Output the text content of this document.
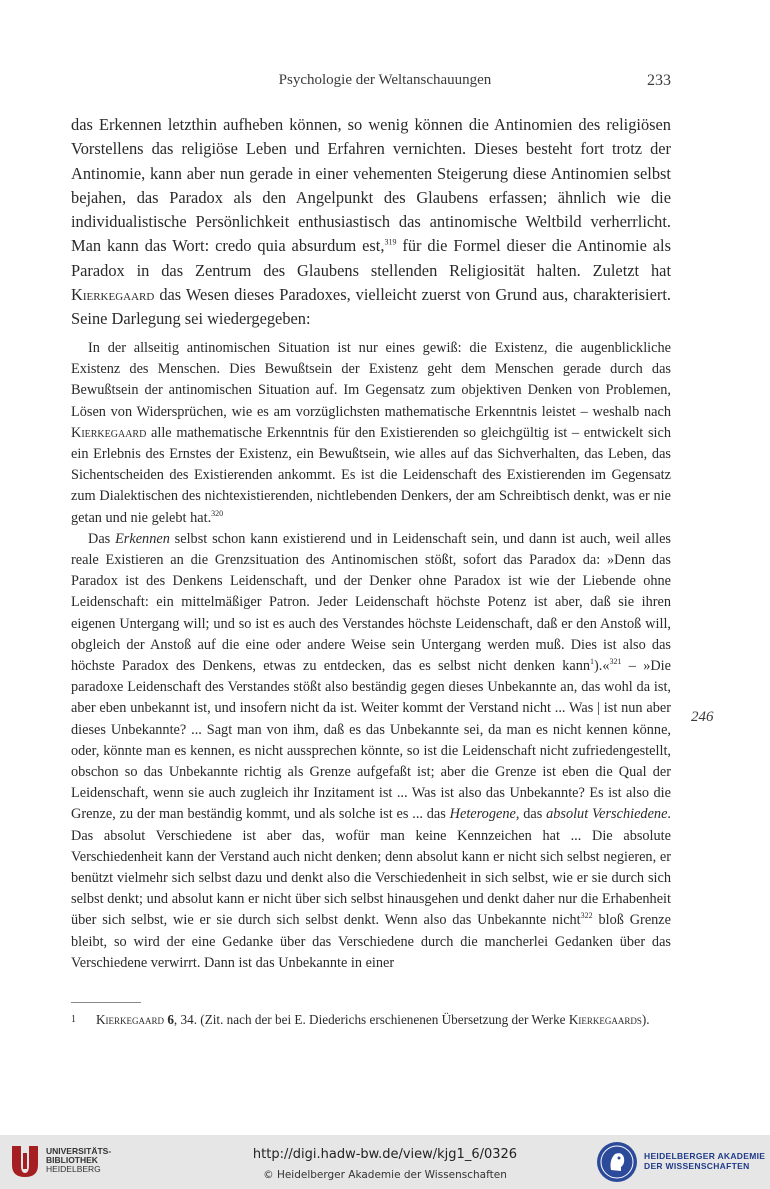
Psychologie der Weltanschauungen	233

das Erkennen letzthin aufheben können, so wenig können die Antinomien des religiösen Vorstellens das religiöse Leben und Erfahren vernichten. Dieses besteht fort trotz der Antinomie, kann aber nun gerade in einer vehementen Steigerung diese Antinomien selbst bejahen, das Paradox als den Angelpunkt des Glaubens erfassen; ähnlich wie die individualistische Persönlichkeit enthusiastisch das antinomische Weltbild verherrlicht. Man kann das Wort: credo quia absurdum est,$^{319}$ für die Formel dieser die Antinomie als Paradox in das Zentrum des Glaubens stellenden Religiosität halten. Zuletzt hat Kierkegaard das Wesen dieses Paradoxes, vielleicht zuerst von Grund aus, charakterisiert. Seine Darlegung sei wiedergegeben:

In der allseitig antinomischen Situation ist nur eines gewiß: die Existenz, die augenblickliche Existenz des Menschen. Dies Bewußtsein der Existenz geht dem Menschen gerade durch das Bewußtsein der antinomischen Situation auf. Im Gegensatz zum objektiven Denken von Problemen, Lösen von Widersprüchen, wie es am vorzüglichsten mathematische Erkenntnis leistet – weshalb nach Kierkegaard alle mathematische Erkenntnis für den Existierenden so gleichgültig ist – entwickelt sich ein Erlebnis des Ernstes der Existenz, ein Bewußtsein, wie alles auf das Sichverhalten, das Leben, das Sichentscheiden des Existierenden ankommt. Es ist die Leidenschaft des Existierenden im Gegensatz zum Dialektischen des nichtexistierenden, nichtlebenden Denkers, der am Schreibtisch denkt, was er nie getan und nie gelebt hat.$^{320}$

Das Erkennen selbst schon kann existierend und in Leidenschaft sein, und dann ist auch, weil alles reale Existieren an die Grenzsituation des Antinomischen stößt, sofort das Paradox da: »Denn das Paradox ist des Denkens Leidenschaft, und der Denker ohne Paradox ist wie der Liebende ohne Leidenschaft: ein mittelmäßiger Patron. Jeder Leidenschaft höchste Potenz ist aber, daß sie ihren eigenen Untergang will; und so ist es auch des Verstandes höchste Leidenschaft, daß er den Anstoß will, obgleich der Anstoß auf die eine oder andere Weise sein Untergang werden muß. Dies ist also das höchste Paradox des Denkens, etwas zu entdecken, das es selbst nicht denken kann$^1$).«$^{321}$ – »Die paradoxe Leidenschaft des Verstandes stößt also beständig gegen dieses Unbekannte an, das wohl da ist, aber eben unbekannt ist, und insofern nicht da ist. Weiter kommt der Verstand nicht ... Was | ist nun aber dieses Unbekannte? ... Sagt man von ihm, daß es das Unbekannte sei, da man es nicht kennen könne, oder, könnte man es kennen, es nicht aussprechen könnte, so ist die Leidenschaft nicht zufriedengestellt, obschon so das Unbekannte richtig als Grenze aufgefaßt ist; aber die Grenze ist eben die Qual der Leidenschaft, wenn sie auch zugleich ihr Inzitament ist ... Was ist also das Unbekannte? Es ist also die Grenze, zu der man beständig kommt, und als solche ist es ... das Heterogene, das absolut Verschiedene. Das absolut Verschiedene ist aber das, wofür man keine Kennzeichen hat ... Die absolute Verschiedenheit kann der Verstand auch nicht denken; denn absolut kann er nicht sich selbst negieren, er benützt vielmehr sich selbst dazu und denkt also die Verschiedenheit in sich selbst, wie er sie durch sich selbst denkt; und absolut kann er nicht über sich selbst hinausgehen und denkt daher nur die Erhabenheit über sich selbst, wie er sie durch sich selbst denkt. Wenn also das Unbekannte nicht$^{322}$ bloß Grenze bleibt, so wird der eine Gedanke über das Verschiedene durch die mancherlei Gedanken über das Verschiedene verwirrt. Dann ist das Unbekannte in einer

246
1 Kierkegaard 6, 34. (Zit. nach der bei E. Diederichs erschienenen Übersetzung der Werke Kierkegaards).
UNIVERSITÄTS-
BIBLIOTHEK
HEIDELBERG
http://digi.hadw-bw.de/view/kjg1_6/0326
© Heidelberger Akademie der Wissenschaften
HEIDELBERGER AKADEMIE
DER WISSENSCHAFTEN
